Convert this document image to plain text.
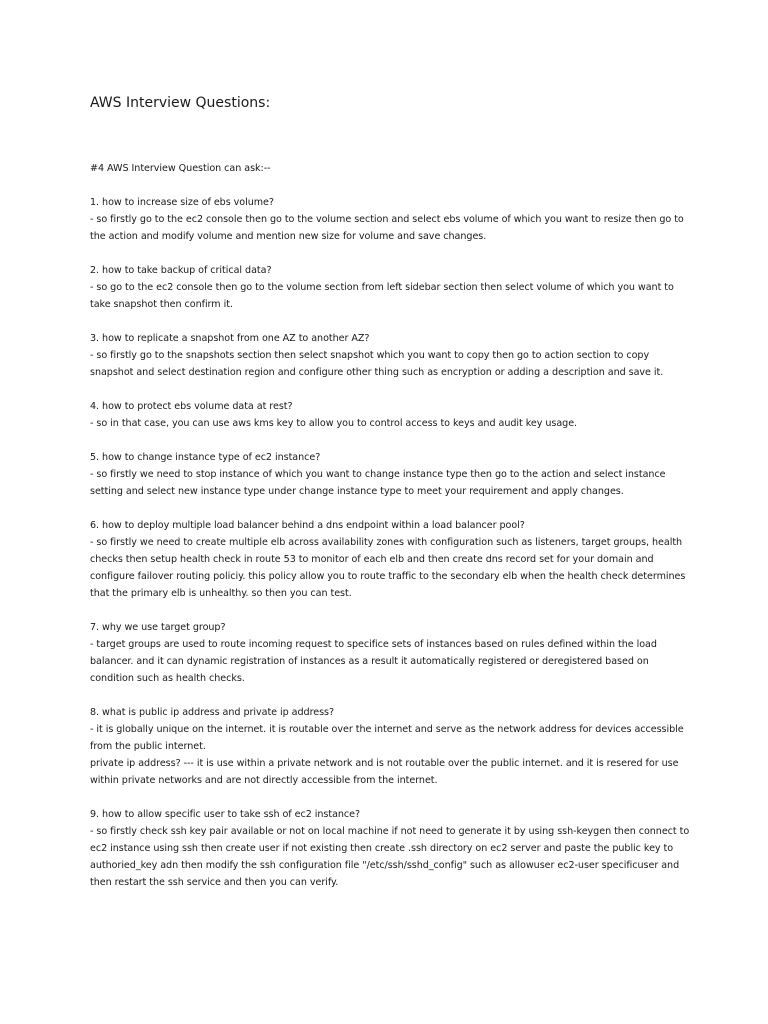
AWS Interview Questions:

#4 AWS Interview Question can ask:--

1. how to increase size of ebs volume?

- so firstly go to the ec2 console then go to the volume section and select ebs volume of which you want to resize then go to the action and modify volume and mention new size for volume and save changes.

2. how to take backup of critical data?

- so go to the ec2 console then go to the volume section from left sidebar section then select volume of which you want to take snapshot then confirm it.

3. how to replicate a snapshot from one AZ to another AZ?

- so firstly go to the snapshots section then select snapshot which you want to copy then go to action section to copy snapshot and select destination region and configure other thing such as encryption or adding a description and save it.

4. how to protect ebs volume data at rest?

- so in that case, you can use aws kms key to allow you to control access to keys and audit key usage.

5. how to change instance type of ec2 instance?

- so firstly we need to stop instance of which you want to change instance type then go to the action and select instance setting and select new instance type under change instance type to meet your requirement and apply changes.

6. how to deploy multiple load balancer behind a dns endpoint within a load balancer pool?

- so firstly we need to create multiple elb across availability zones with configuration such as listeners, target groups, health checks then setup health check in route 53 to monitor of each elb and then create dns record set for your domain and configure failover routing policiy. this policy allow you to route traffic to the secondary elb when the health check determines that the primary elb is unhealthy. so then you can test.

7. why we use target group?

- target groups are used to route incoming request to specifice sets of instances based on rules defined within the load balancer. and it can dynamic registration of instances as a result it automatically registered or deregistered based on condition such as health checks.

8. what is public ip address and private ip address?

- it is globally unique on the internet. it is routable over the internet and serve as the network address for devices accessible from the public internet.

private ip address? --- it is use within a private network and is not routable over the public internet. and it is resered for use within private networks and are not directly accessible from the internet.

9. how to allow specific user to take ssh of ec2 instance?

- so firstly check ssh key pair available or not on local machine if not need to generate it by using ssh-keygen then connect to ec2 instance using ssh then create user if not existing then create .ssh directory on ec2 server and paste the public key to authoried_key adn then modify the ssh configuration file "/etc/ssh/sshd_config" such as allowuser ec2-user specificuser and then restart the ssh service and then you can verify.
